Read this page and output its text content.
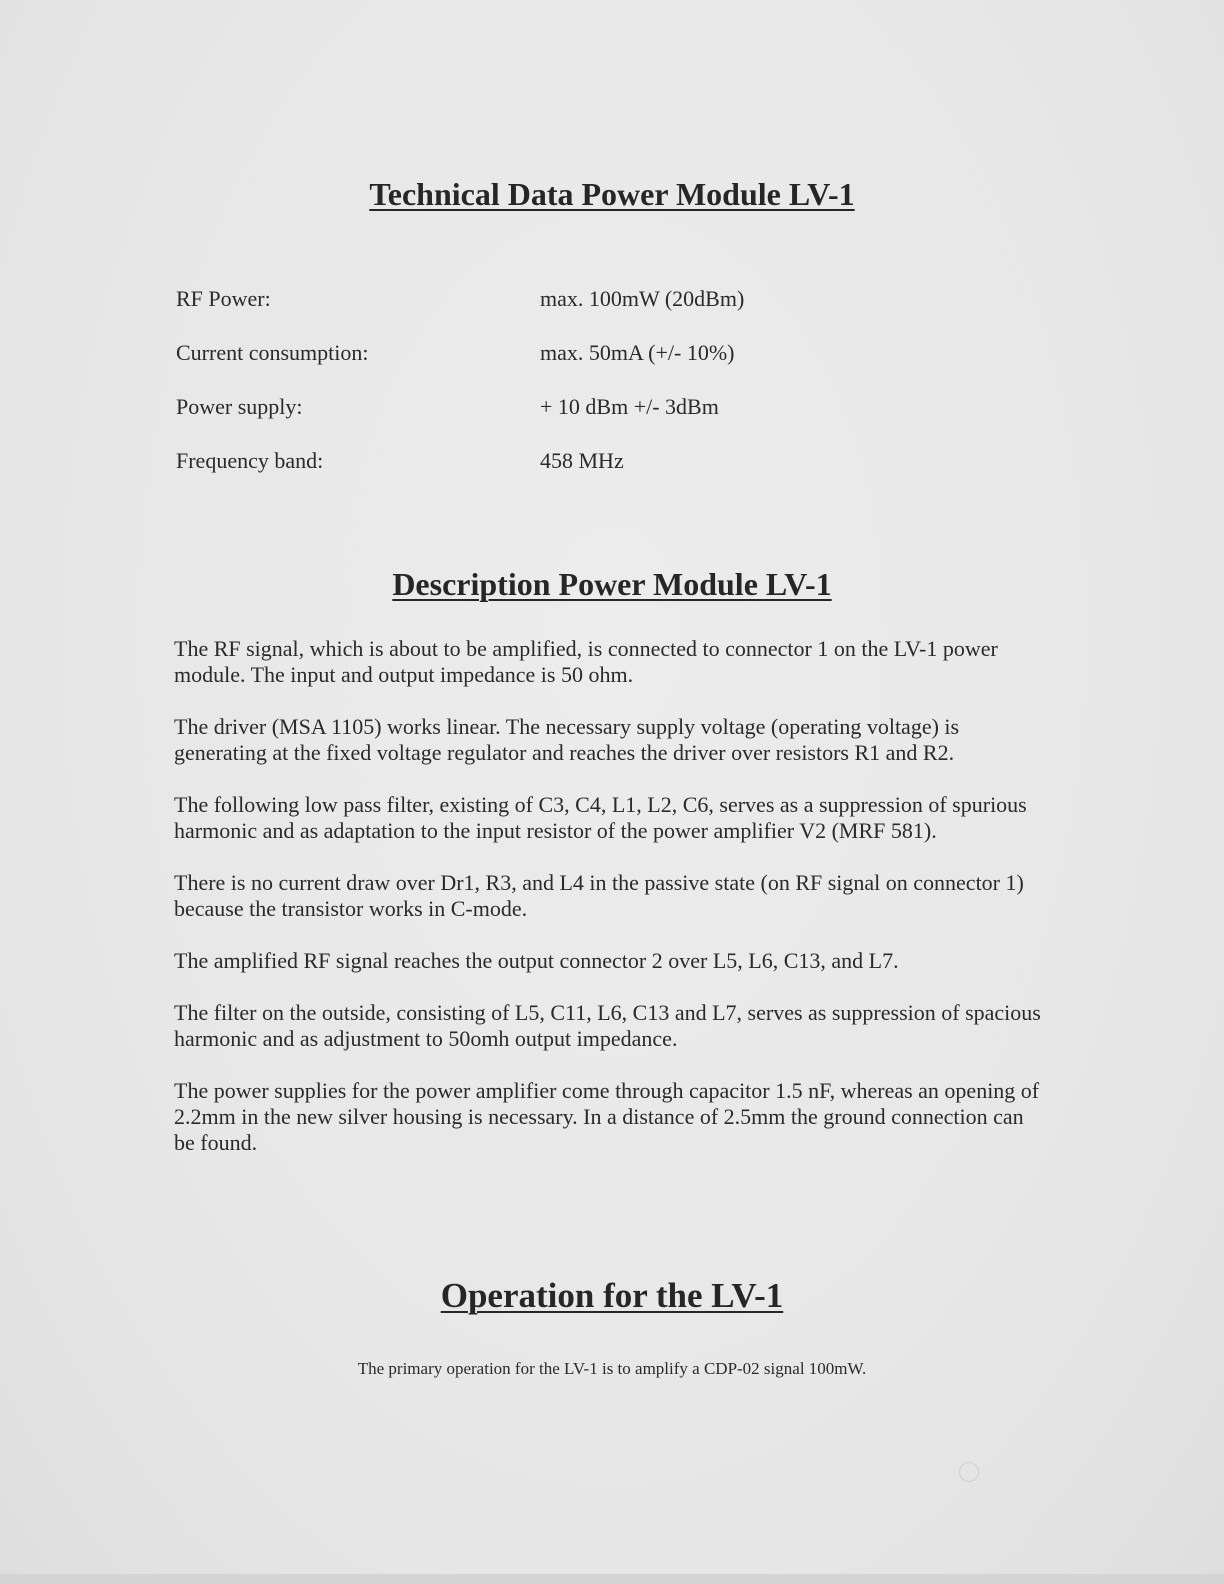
Technical Data Power Module LV-1
RF Power:	max. 100mW (20dBm)
Current consumption:	max. 50mA (+/- 10%)
Power supply:	+ 10 dBm +/- 3dBm
Frequency band:	458 MHz
Description Power Module LV-1

The RF signal, which is about to be amplified, is connected to connector 1 on the LV-1 power module. The input and output impedance is 50 ohm.

The driver (MSA 1105) works linear. The necessary supply voltage (operating voltage) is generating at the fixed voltage regulator and reaches the driver over resistors R1 and R2.

The following low pass filter, existing of C3, C4, L1, L2, C6, serves as a suppression of spurious harmonic and as adaptation to the input resistor of the power amplifier V2 (MRF 581).

There is no current draw over Dr1, R3, and L4 in the passive state (on RF signal on connector 1) because the transistor works in C-mode.

The amplified RF signal reaches the output connector 2 over L5, L6, C13, and L7.

The filter on the outside, consisting of L5, C11, L6, C13 and L7, serves as suppression of spacious harmonic and as adjustment to 50omh output impedance.

The power supplies for the power amplifier come through capacitor 1.5 nF, whereas an opening of 2.2mm in the new silver housing is necessary. In a distance of 2.5mm the ground connection can be found.

Operation for the LV-1
The primary operation for the LV-1 is to amplify a CDP-02 signal 100mW.
